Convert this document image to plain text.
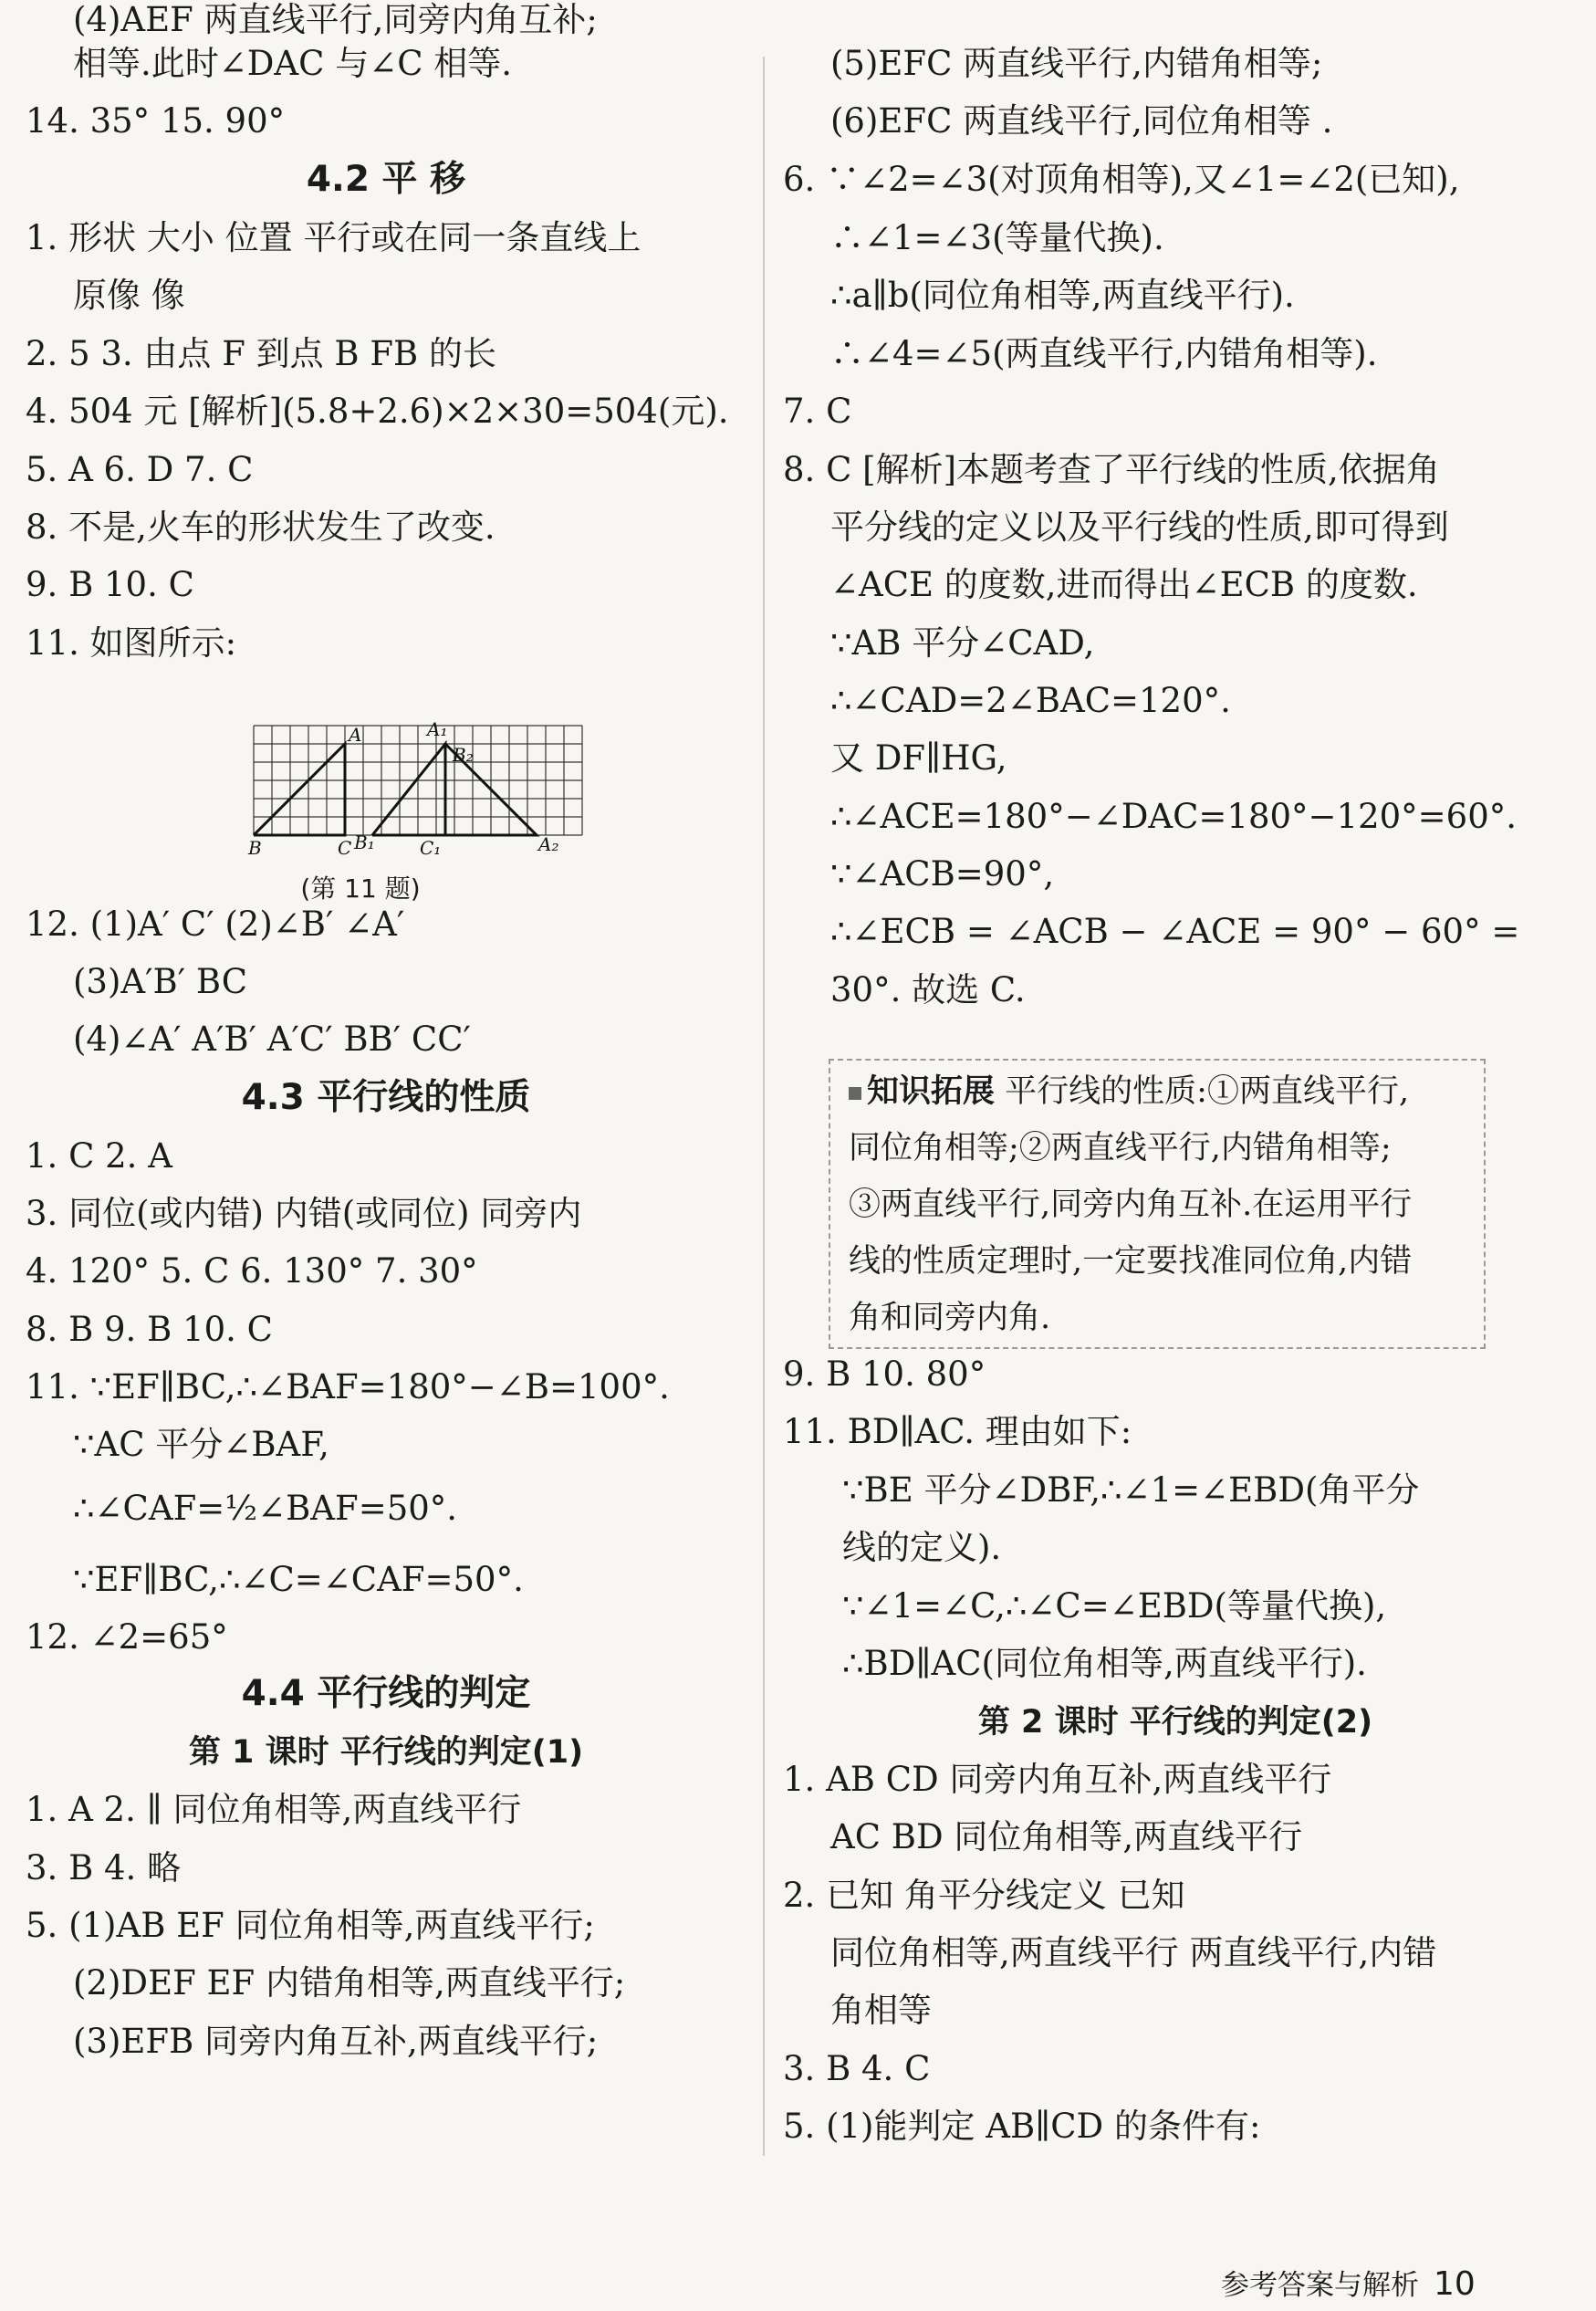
相等.此时∠DAC 与∠C 相等.
14. 35° 15. 90°
4.2 平 移
1. 形状 大小 位置 平行或在同一条直线上
原像 像
2. 5 3. 由点 F 到点 B FB 的长
4. 504 元 [解析](5.8+2.6)×2×30=504(元).
5. A 6. D 7. C
8. 不是,火车的形状发生了改变.
9. B 10. C
11. 如图所示:
12. (1)A′ C′ (2)∠B′ ∠A′
(3)A′B′ BC
(4)∠A′ A′B′ A′C′ BB′ CC′
4.3 平行线的性质
1. C 2. A
3. 同位(或内错) 内错(或同位) 同旁内
4. 120° 5. C 6. 130° 7. 30°
8. B 9. B 10. C
11. ∵EF∥BC,∴∠BAF=180°−∠B=100°.
∵AC 平分∠BAF,
∴∠CAF=½∠BAF=50°.
∵EF∥BC,∴∠C=∠CAF=50°.
12. ∠2=65°
4.4 平行线的判定
第 1 课时 平行线的判定(1)
1. A 2. ∥ 同位角相等,两直线平行
3. B 4. 略
5. (1)AB EF 同位角相等,两直线平行;
(2)DEF EF 内错角相等,两直线平行;
(3)EFB 同旁内角互补,两直线平行;
(4)AEF 两直线平行,同旁内角互补;
(5)EFC 两直线平行,内错角相等;
(6)EFC 两直线平行,同位角相等 .
6. ∵∠2=∠3(对顶角相等),又∠1=∠2(已知),
∴∠1=∠3(等量代换).
∴a∥b(同位角相等,两直线平行).
∴∠4=∠5(两直线平行,内错角相等).
7. C
8. C [解析]本题考查了平行线的性质,依据角
平分线的定义以及平行线的性质,即可得到
∠ACE 的度数,进而得出∠ECB 的度数.
∵AB 平分∠CAD,
∴∠CAD=2∠BAC=120°.
又 DF∥HG,
∴∠ACE=180°−∠DAC=180°−120°=60°.
∵∠ACB=90°,
∴∠ECB = ∠ACB − ∠ACE = 90° − 60° =
30°. 故选 C.
9. B 10. 80°
11. BD∥AC. 理由如下:
∵BE 平分∠DBF,∴∠1=∠EBD(角平分
线的定义).
∵∠1=∠C,∴∠C=∠EBD(等量代换),
∴BD∥AC(同位角相等,两直线平行).
第 2 课时 平行线的判定(2)
1. AB CD 同旁内角互补,两直线平行
AC BD 同位角相等,两直线平行
2. 已知 角平分线定义 已知
同位角相等,两直线平行 两直线平行,内错
角相等
3. B 4. C
5. (1)能判定 AB∥CD 的条件有:
A	A₁
B₂
B	C B₁ C₁	A₂
(第 11 题)
知识拓展 平行线的性质:①两直线平行,
同位角相等;②两直线平行,内错角相等;
③两直线平行,同旁内角互补.在运用平行
线的性质定理时,一定要找准同位角,内错
角和同旁内角.
参考答案与解析 10
